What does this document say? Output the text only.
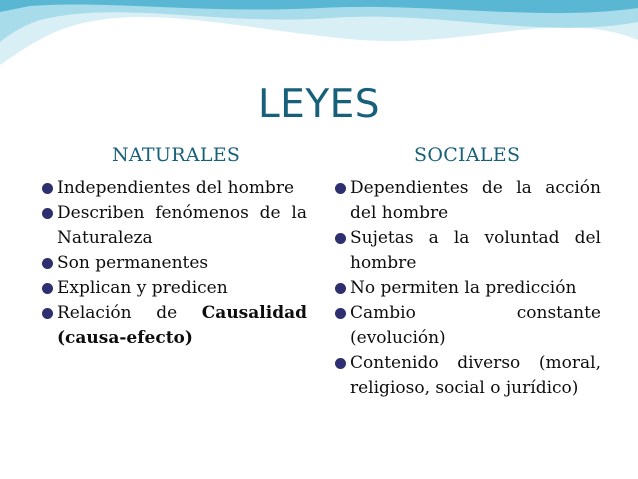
LEYES
NATURALES	SOCIALES
Independientes del hombre
Describen fenómenos de la
Naturaleza
Son permanentes
Explican y predicen
Relación de Causalidad
(causa-efecto)
Dependientes de la acción
del hombre
Sujetas a la voluntad del
hombre
No permiten la predicción
Cambio	constante
(evolución)
Contenido diverso (moral,
religioso, social o jurídico)
